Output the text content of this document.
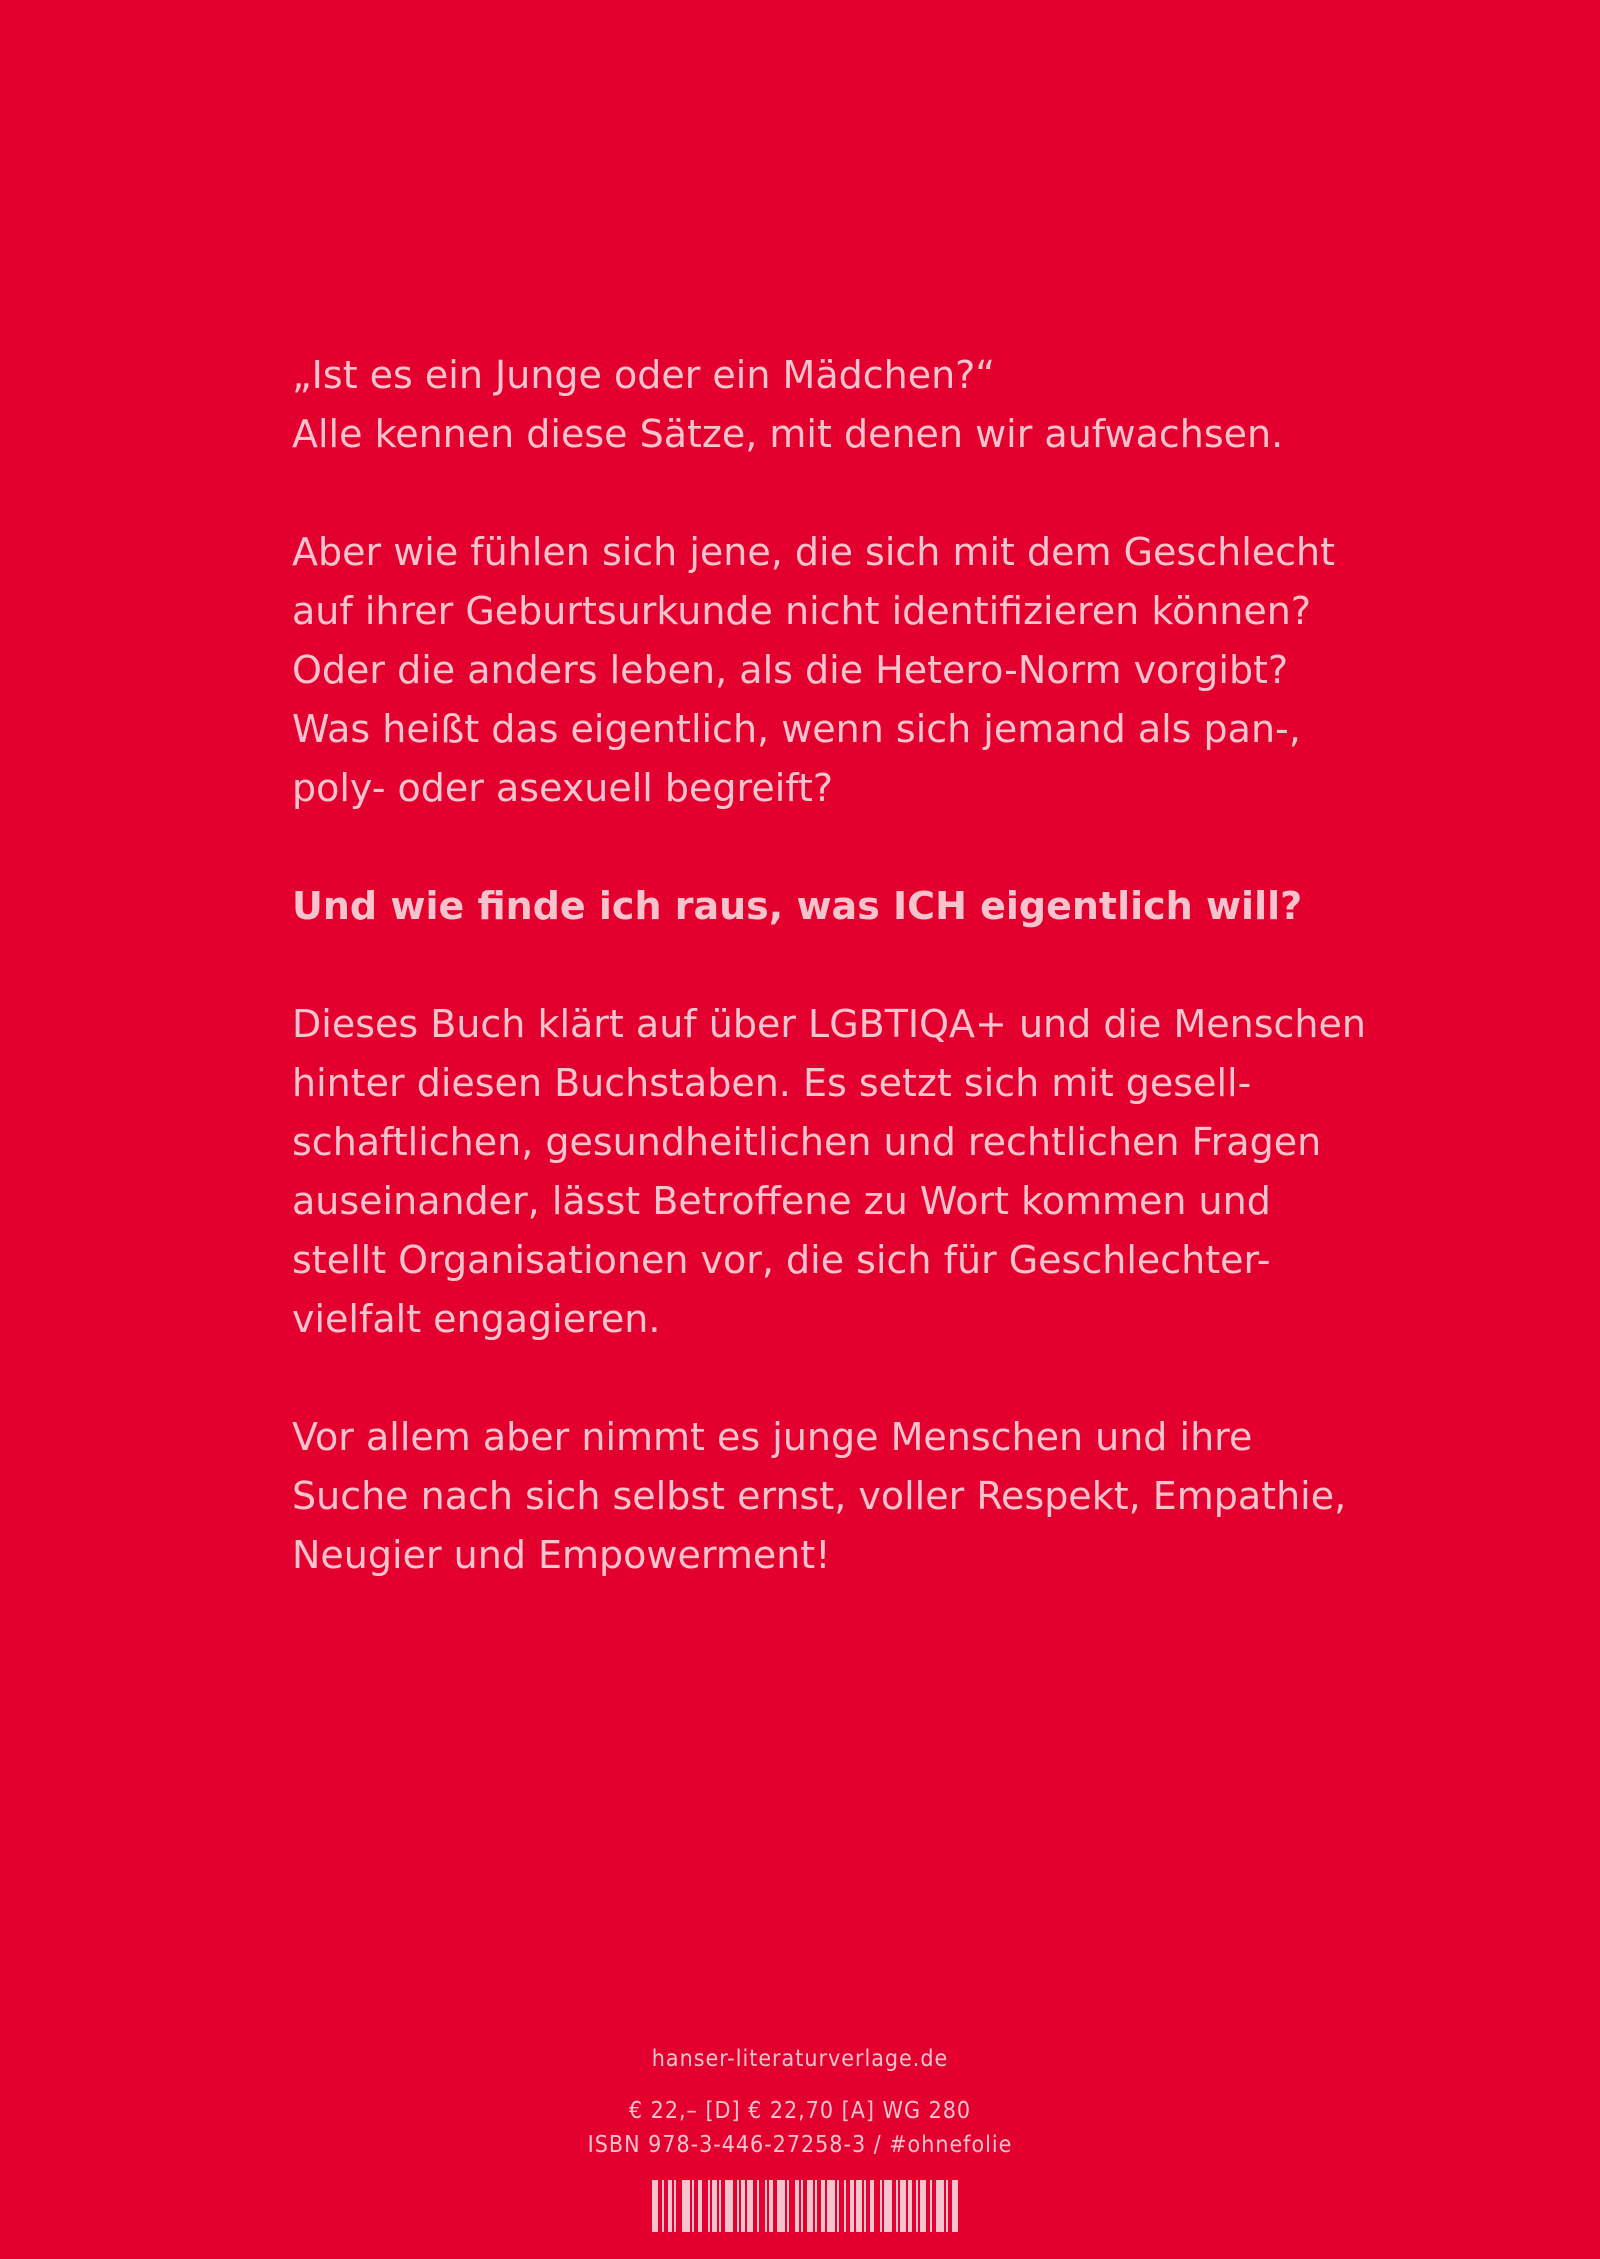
„Ist es ein Junge oder ein Mädchen?“
Alle kennen diese Sätze, mit denen wir aufwachsen.

Aber wie fühlen sich jene, die sich mit dem Geschlecht
auf ihrer Geburtsurkunde nicht identifizieren können?
Oder die anders leben, als die Hetero-Norm vorgibt?
Was heißt das eigentlich, wenn sich jemand als pan-,
poly- oder asexuell begreift?

Und wie finde ich raus, was ICH eigentlich will?

Dieses Buch klärt auf über LGBTIQA+ und die Menschen
hinter diesen Buchstaben. Es setzt sich mit gesell-
schaftlichen, gesundheitlichen und rechtlichen Fragen
auseinander, lässt Betroffene zu Wort kommen und
stellt Organisationen vor, die sich für Geschlechter-
vielfalt engagieren.

Vor allem aber nimmt es junge Menschen und ihre
Suche nach sich selbst ernst, voller Respekt, Empathie,
Neugier und Empowerment!

hanser-literaturverlage.de
€ 22,– [D] € 22,70 [A] WG 280
ISBN 978-3-446-27258-3 / #ohnefolie
